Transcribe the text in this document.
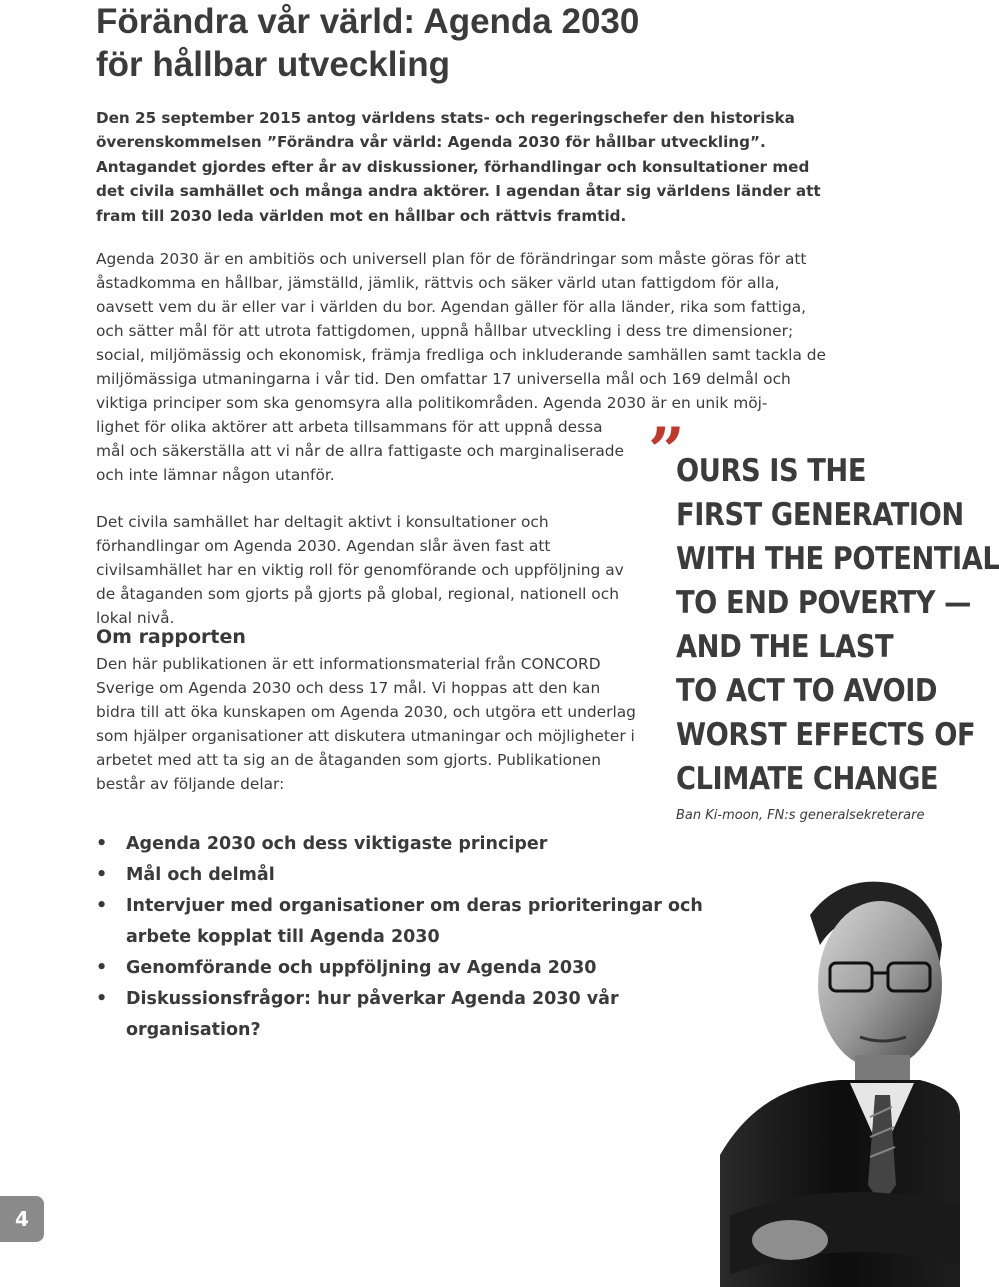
Förändra vår värld: Agenda 2030
för hållbar utveckling

Den 25 september 2015 antog världens stats- och regeringschefer den historiska överenskommelsen ”Förändra vår värld: Agenda 2030 för hållbar utveckling”. Antagandet gjordes efter år av diskussioner, förhandlingar och konsultationer med det civila samhället och många andra aktörer. I agendan åtar sig världens länder att fram till 2030 leda världen mot en hållbar och rättvis framtid.

Agenda 2030 är en ambitiös och universell plan för de förändringar som måste göras för att åstadkomma en hållbar, jämställd, jämlik, rättvis och säker värld utan fattigdom för alla, oavsett vem du är eller var i världen du bor. Agendan gäller för alla länder, rika som fattiga, och sätter mål för att utrota fattigdomen, uppnå hållbar utveckling i dess tre dimensioner; social, miljömässig och ekonomisk, främja fredliga och inkluderande samhällen samt tackla de miljömässiga utmaningarna i vår tid. Den omfattar 17 universella mål och 169 delmål och viktiga principer som ska genomsyra alla politikområden. Agenda 2030 är en unik möj-

lighet för olika aktörer att arbeta tillsammans för att uppnå dessa mål och säkerställa att vi når de allra fattigaste och marginaliserade och inte lämnar någon utanför.

Det civila samhället har deltagit aktivt i konsultationer och förhandlingar om Agenda 2030. Agendan slår även fast att civilsamhället har en viktig roll för genomförande och uppföljning av de åtaganden som gjorts på gjorts på global, regional, nationell och lokal nivå.

Om rapporten

Den här publikationen är ett informationsmaterial från CONCORD Sverige om Agenda 2030 och dess 17 mål. Vi hoppas att den kan bidra till att öka kunskapen om Agenda 2030, och utgöra ett underlag som hjälper organisationer att diskutera utmaningar och möjligheter i arbetet med att ta sig an de åtaganden som gjorts. Publikationen består av följande delar:

• Agenda 2030 och dess viktigaste principer
• Mål och delmål
• Intervjuer med organisationer om deras prioriteringar och arbete kopplat till Agenda 2030
• Genomförande och uppföljning av Agenda 2030
• Diskussionsfrågor: hur påverkar Agenda 2030 vår organisation?
”
OURS IS THE
FIRST GENERATION
WITH THE POTENTIAL
TO END POVERTY —
AND THE LAST
TO ACT TO AVOID
WORST EFFECTS OF
CLIMATE CHANGE
Ban Ki-moon, FN:s generalsekreterare
4
